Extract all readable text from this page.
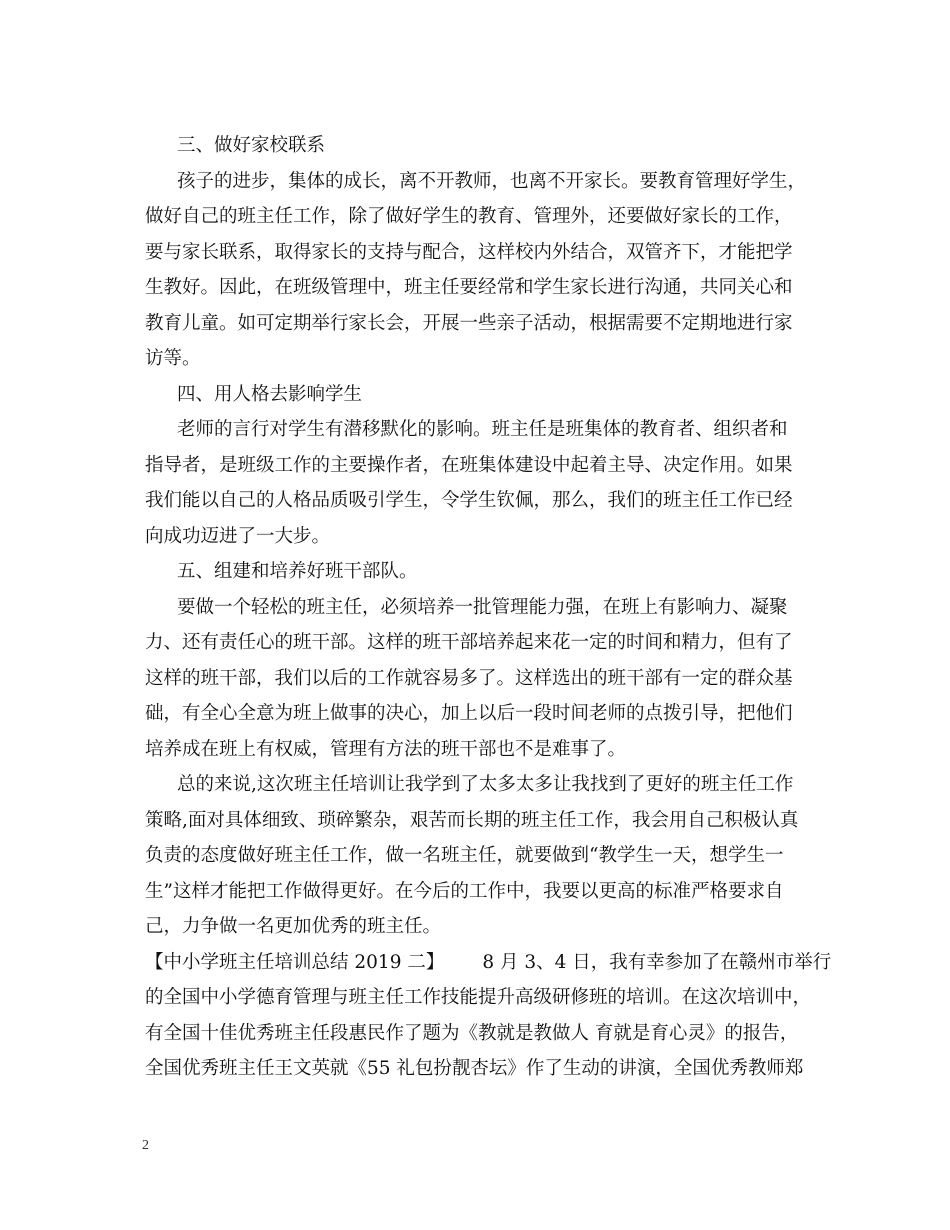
三、做好家校联系
孩子的进步，集体的成长，离不开教师，也离不开家长。要教育管理好学生，
做好自己的班主任工作，除了做好学生的教育、管理外，还要做好家长的工作，
要与家长联系，取得家长的支持与配合，这样校内外结合，双管齐下，才能把学
生教好。因此，在班级管理中，班主任要经常和学生家长进行沟通，共同关心和
教育儿童。如可定期举行家长会，开展一些亲子活动，根据需要不定期地进行家
访等。
四、用人格去影响学生
老师的言行对学生有潜移默化的影响。班主任是班集体的教育者、组织者和
指导者，是班级工作的主要操作者，在班集体建设中起着主导、决定作用。如果
我们能以自己的人格品质吸引学生，令学生钦佩，那么，我们的班主任工作已经
向成功迈进了一大步。
五、组建和培养好班干部队。
要做一个轻松的班主任，必须培养一批管理能力强，在班上有影响力、凝聚
力、还有责任心的班干部。这样的班干部培养起来花一定的时间和精力，但有了
这样的班干部，我们以后的工作就容易多了。这样选出的班干部有一定的群众基
础，有全心全意为班上做事的决心，加上以后一段时间老师的点拨引导，把他们
培养成在班上有权威，管理有方法的班干部也不是难事了。
总的来说,这次班主任培训让我学到了太多太多让我找到了更好的班主任工作
策略,面对具体细致、琐碎繁杂，艰苦而长期的班主任工作，我会用自己积极认真
负责的态度做好班主任工作，做一名班主任，就要做到“教学生一天，想学生一
生”这样才能把工作做得更好。在今后的工作中，我要以更高的标准严格要求自
己，力争做一名更加优秀的班主任。
【中小学班主任培训总结 2019 二】 8 月 3、4 日，我有幸参加了在赣州市举行
的全国中小学德育管理与班主任工作技能提升高级研修班的培训。在这次培训中，
有全国十佳优秀班主任段惠民作了题为《教就是教做人 育就是育心灵》的报告，
全国优秀班主任王文英就《55 礼包扮靓杏坛》作了生动的讲演，全国优秀教师郑
2
